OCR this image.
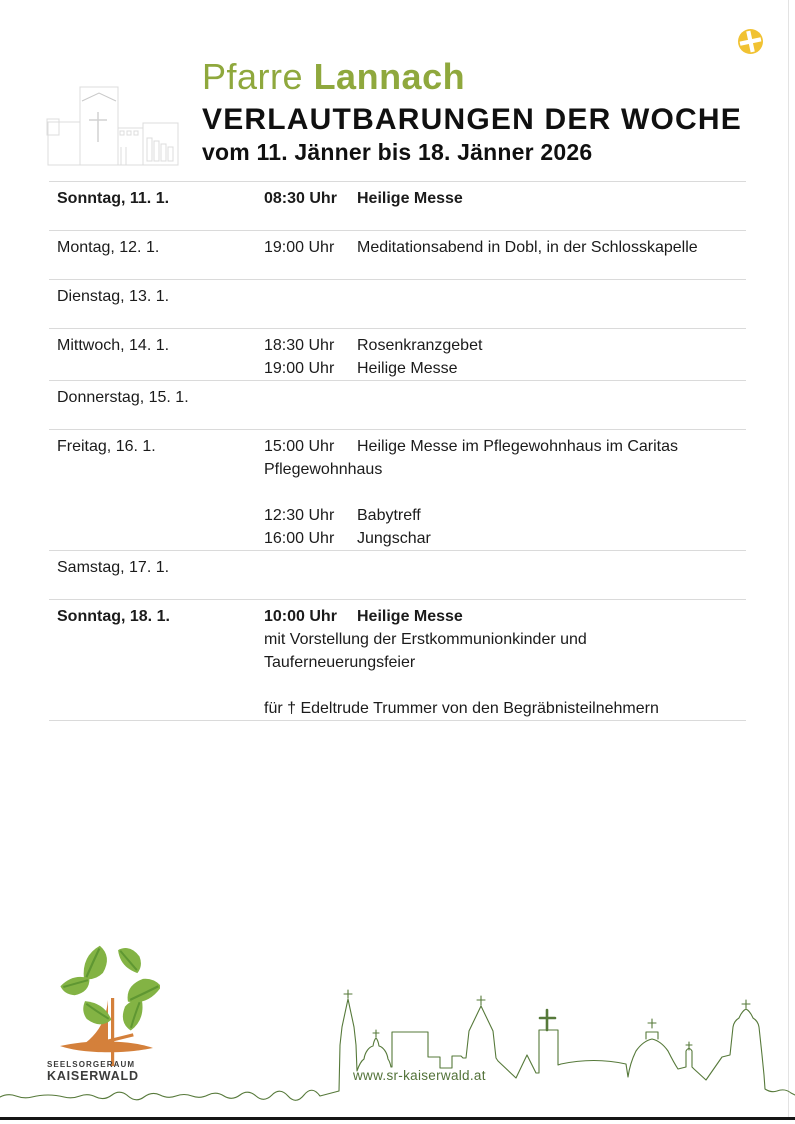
Pfarre Lannach
VERLAUTBARUNGEN DER WOCHE
vom 11. Jänner bis 18. Jänner 2026
Sonntag, 11. 1.	08:30 Uhr Heilige Messe
Montag, 12. 1.	19:00 Uhr Meditationsabend in Dobl, in der Schlosskapelle
Dienstag, 13. 1.
Mittwoch, 14. 1.	18:30 Uhr Rosenkranzgebet
19:00 Uhr Heilige Messe
Donnerstag, 15. 1.
Freitag, 16. 1.	15:00 Uhr Heilige Messe im Pflegewohnhaus im Caritas
Pflegewohnhaus
12:30 Uhr Babytreff
16:00 Uhr Jungschar
Samstag, 17. 1.
Sonntag, 18. 1.	10:00 Uhr Heilige Messe
mit Vorstellung der Erstkommunionkinder und
Tauferneuerungsfeier
für † Edeltrude Trummer von den Begräbnisteilnehmern
SEELSORGERAUM
KAISERWALD	www.sr-kaiserwald.at
